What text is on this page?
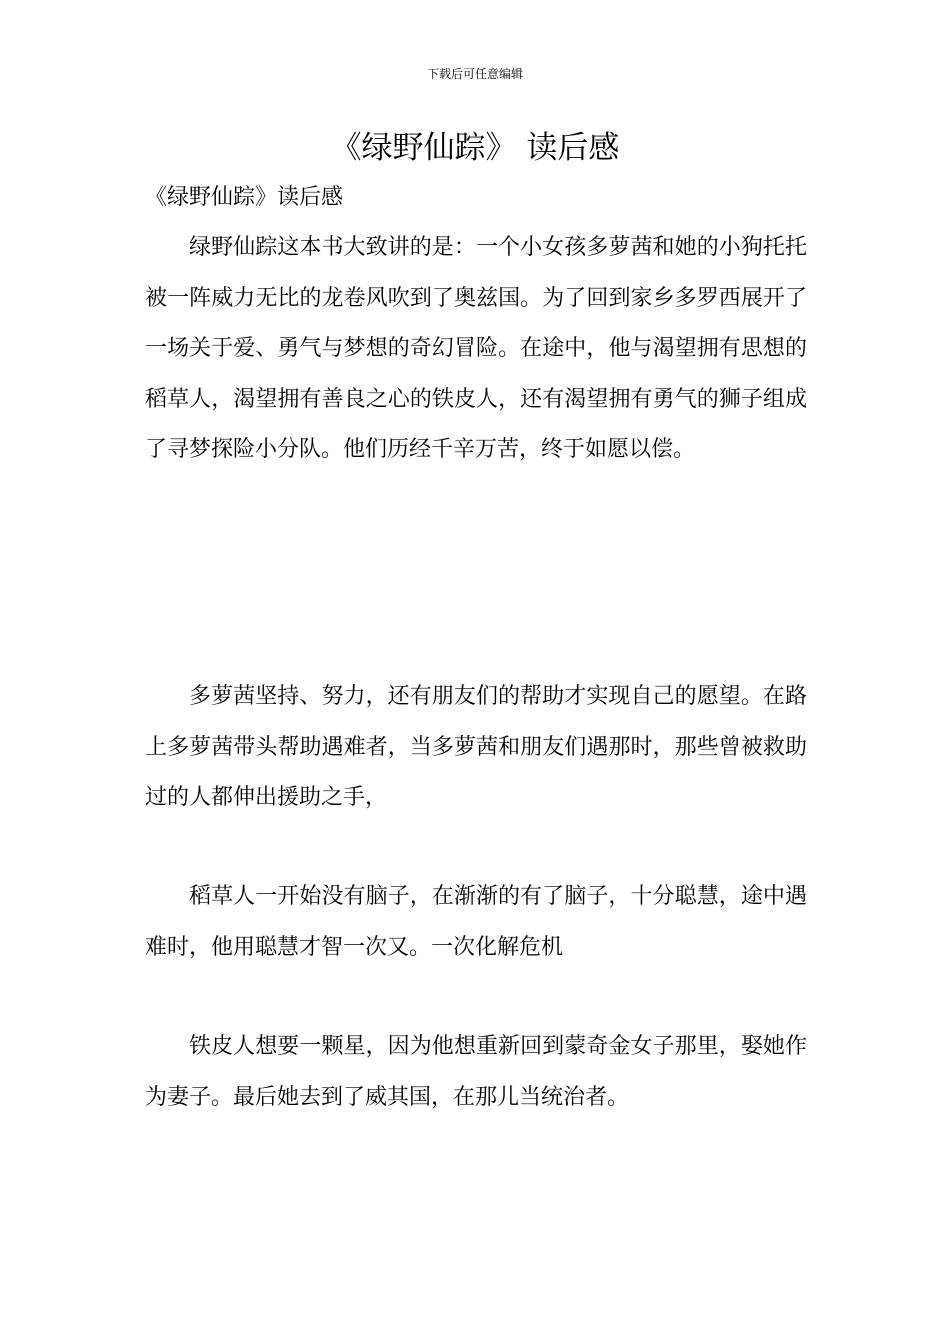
下载后可任意编辑
《绿野仙踪》 读后感
《绿野仙踪》读后感

绿野仙踪这本书大致讲的是：一个小女孩多萝茜和她的小狗托托被一阵威力无比的龙卷风吹到了奥兹国。为了回到家乡多罗西展开了一场关于爱、勇气与梦想的奇幻冒险。在途中，他与渴望拥有思想的稻草人，渴望拥有善良之心的铁皮人，还有渴望拥有勇气的狮子组成了寻梦探险小分队。他们历经千辛万苦，终于如愿以偿。

多萝茜坚持、努力，还有朋友们的帮助才实现自己的愿望。在路上多萝茜带头帮助遇难者，当多萝茜和朋友们遇那时，那些曾被救助过的人都伸出援助之手，

稻草人一开始没有脑子，在渐渐的有了脑子，十分聪慧，途中遇难时，他用聪慧才智一次又。一次化解危机

铁皮人想要一颗星，因为他想重新回到蒙奇金女子那里，娶她作为妻子。最后她去到了威其国，在那儿当统治者。
